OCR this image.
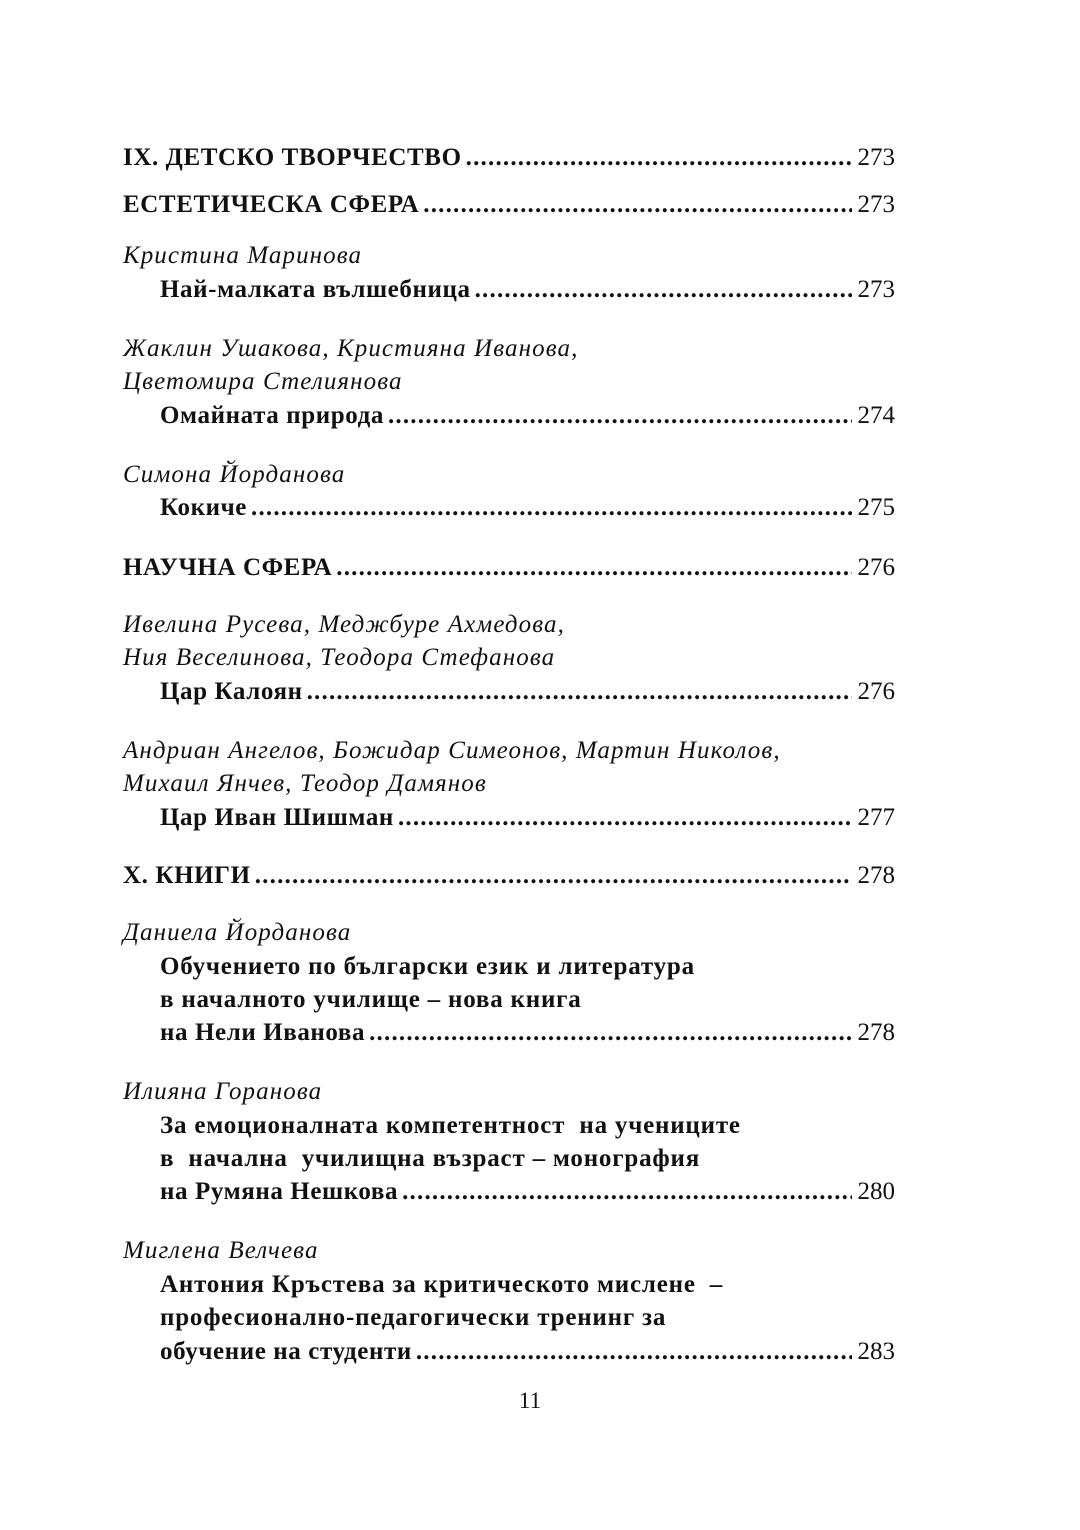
IX. ДЕТСКО ТВОРЧЕСТВО .....	273
ЕСТЕТИЧЕСКА СФЕРА .....	273
Кристина Маринова
Най-малката вълшебница .....	273
Жаклин Ушакова, Кристияна Иванова,
Цветомира Стелиянова
Омайната природа .....	274
Симона Йорданова
Кокиче .....	275
НАУЧНА СФЕРА .....	276
Ивелина Русева, Меджбуре Ахмедова,
Ния Веселинова, Теодора Стефанова
Цар Калоян .....	276
Андриан Ангелов, Божидар Симеонов, Мартин Николов,
Михаил Янчев, Теодор Дамянов
Цар Иван Шишман .....	277
X. КНИГИ .....	278
Даниела Йорданова
Обучението по български език и литература
в началното училище – нова книга
на Нели Иванова .....	278
Илияна Горанова
За емоционалната компетентност  на учениците
в  начална  училищна възраст – монография
на Румяна Нешкова .....	280
Миглена Велчева
Антония Кръстева за критическото мислене  –
професионално-педагогически тренинг за
обучение на студенти .....	283
11
